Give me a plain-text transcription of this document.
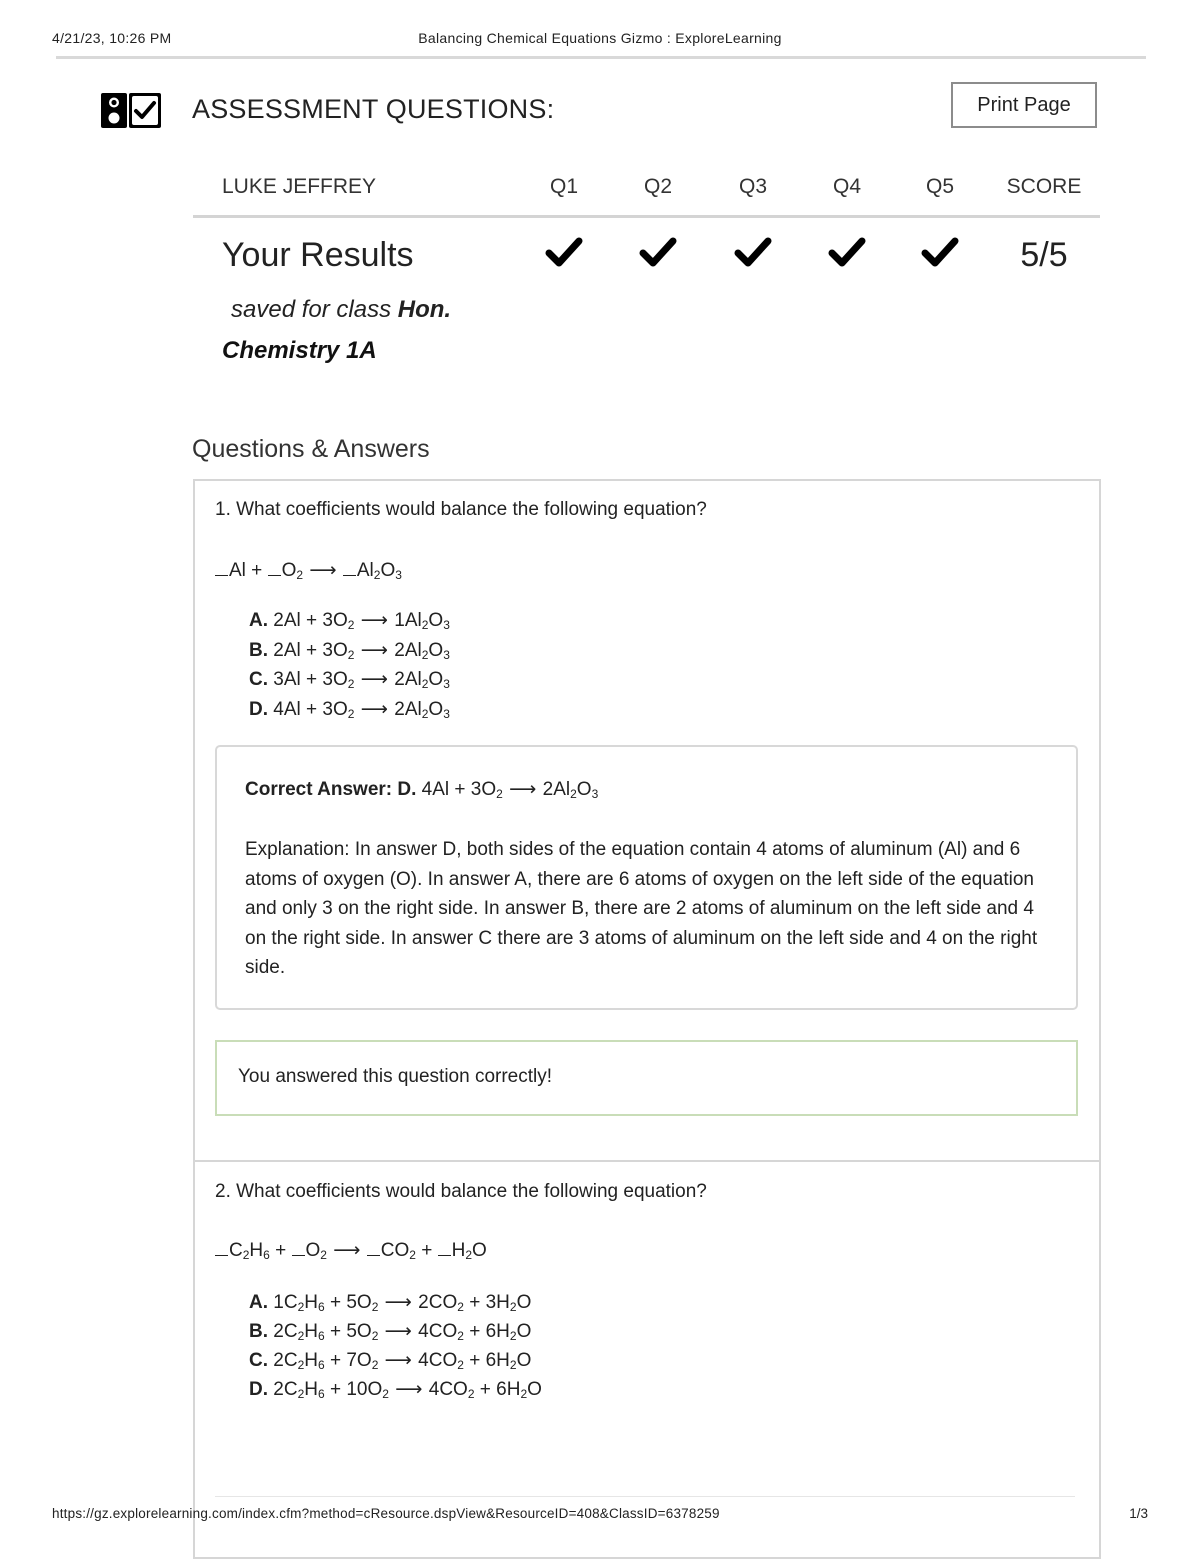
4/21/23, 10:26 PM	Balancing Chemical Equations Gizmo : ExploreLearning
ASSESSMENT QUESTIONS:	Print Page
LUKE JEFFREY	Q1	Q2	Q3	Q4	Q5	SCORE
Your Results	5/5
saved for class Hon.
Chemistry 1A
Questions & Answers
1. What coefficients would balance the following equation?
$Al + O_2$ ⟶ $Al_2O_3$
A. $2Al + 3O_2$ ⟶ $1Al_2O_3$
B. $2Al + 3O_2$ ⟶ $2Al_2O_3$
C. $3Al + 3O_2$ ⟶ $2Al_2O_3$
D. $4Al + 3O_2$ ⟶ $2Al_2O_3$
Correct Answer: D. $4Al + 3O_2$ ⟶ $2Al_2O_3$
Explanation: In answer D, both sides of the equation contain 4 atoms of aluminum (Al) and 6 atoms of oxygen (O). In answer A, there are 6 atoms of oxygen on the left side of the equation and only 3 on the right side. In answer B, there are 2 atoms of aluminum on the left side and 4 on the right side. In answer C there are 3 atoms of aluminum on the left side and 4 on the right side.
You answered this question correctly!
2. What coefficients would balance the following equation?
$C_2H_6 + O_2$ ⟶ $CO_2 + H_2O$
A. $1C_2H_6 + 5O_2$ ⟶ $2CO_2 + 3H_2O$
B. $2C_2H_6 + 5O_2$ ⟶ $4CO_2 + 6H_2O$
C. $2C_2H_6 + 7O_2$ ⟶ $4CO_2 + 6H_2O$
D. $2C_2H_6 + 10O_2$ ⟶ $4CO_2 + 6H_2O$
https://gz.explorelearning.com/index.cfm?method=cResource.dspView&ResourceID=408&ClassID=6378259	1/3
